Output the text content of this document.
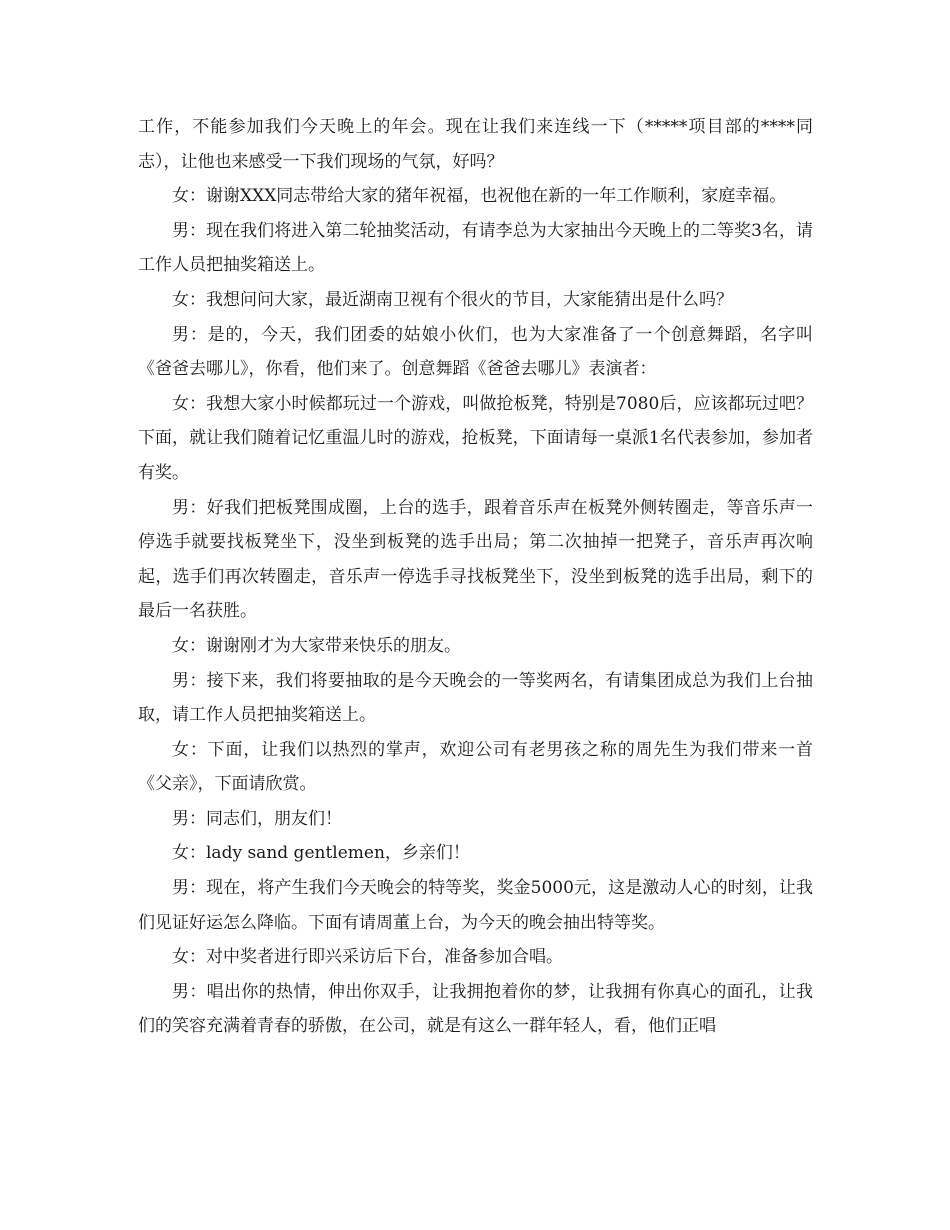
工作，不能参加我们今天晚上的年会。现在让我们来连线一下（*****项目部的****同志），让他也来感受一下我们现场的气氛，好吗？

女：谢谢XXX同志带给大家的猪年祝福，也祝他在新的一年工作顺利，家庭幸福。

男：现在我们将进入第二轮抽奖活动，有请李总为大家抽出今天晚上的二等奖3名，请工作人员把抽奖箱送上。

女：我想问问大家，最近湖南卫视有个很火的节目，大家能猜出是什么吗？

男：是的，今天，我们团委的姑娘小伙们，也为大家准备了一个创意舞蹈，名字叫《爸爸去哪儿》，你看，他们来了。创意舞蹈《爸爸去哪儿》表演者：

女：我想大家小时候都玩过一个游戏，叫做抢板凳，特别是7080后，应该都玩过吧？下面，就让我们随着记忆重温儿时的游戏，抢板凳，下面请每一桌派1名代表参加，参加者有奖。

男：好我们把板凳围成圈，上台的选手，跟着音乐声在板凳外侧转圈走，等音乐声一停选手就要找板凳坐下，没坐到板凳的选手出局；第二次抽掉一把凳子，音乐声再次响起，选手们再次转圈走，音乐声一停选手寻找板凳坐下，没坐到板凳的选手出局，剩下的最后一名获胜。

女：谢谢刚才为大家带来快乐的朋友。

男：接下来，我们将要抽取的是今天晚会的一等奖两名，有请集团成总为我们上台抽取，请工作人员把抽奖箱送上。

女：下面，让我们以热烈的掌声，欢迎公司有老男孩之称的周先生为我们带来一首《父亲》，下面请欣赏。

男：同志们，朋友们！

女：lady sand gentlemen，乡亲们！

男：现在，将产生我们今天晚会的特等奖，奖金5000元，这是激动人心的时刻，让我们见证好运怎么降临。下面有请周董上台，为今天的晚会抽出特等奖。

女：对中奖者进行即兴采访后下台，准备参加合唱。

男：唱出你的热情，伸出你双手，让我拥抱着你的梦，让我拥有你真心的面孔，让我们的笑容充满着青春的骄傲，在公司，就是有这么一群年轻人，看，他们正唱
